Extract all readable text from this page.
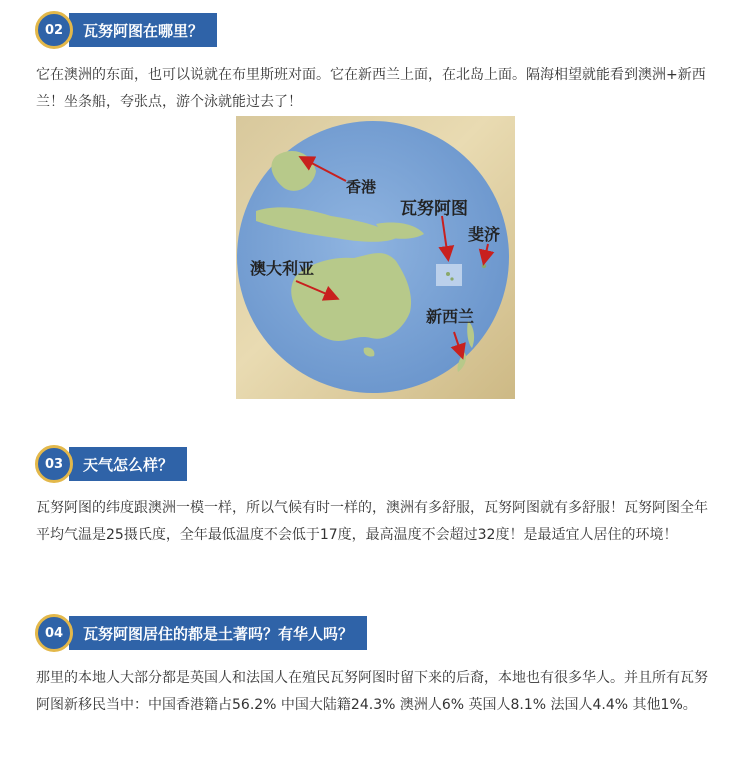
02	瓦努阿图在哪里？

它在澳洲的东面，也可以说就在布里斯班对面。它在新西兰上面，在北岛上面。隔海相望就能看到澳洲+新西兰！坐条船，夸张点，游个泳就能过去了！

香港
瓦努阿图
斐济
澳大利亚
新西兰
03	天气怎么样？

瓦努阿图的纬度跟澳洲一模一样，所以气候有时一样的，澳洲有多舒服，瓦努阿图就有多舒服！瓦努阿图全年平均气温是25摄氏度，全年最低温度不会低于17度，最高温度不会超过32度！是最适宜人居住的环境！

04	瓦努阿图居住的都是土著吗？有华人吗？

那里的本地人大部分都是英国人和法国人在殖民瓦努阿图时留下来的后裔，本地也有很多华人。并且所有瓦努阿图新移民当中：中国香港籍占56.2% 中国大陆籍24.3% 澳洲人6% 英国人8.1% 法国人4.4% 其他1%。
